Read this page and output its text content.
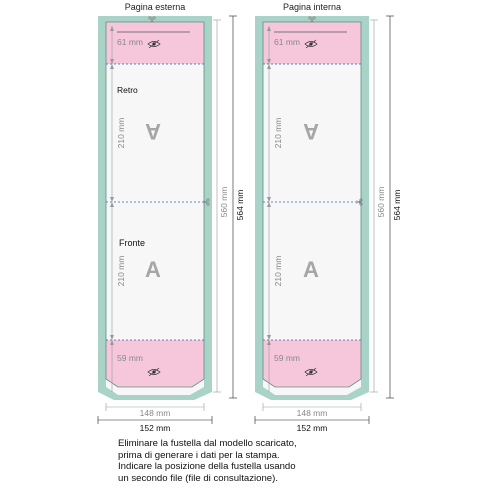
Pagina esterna
61 mm
Retro
210 mm A
Fronte
210 mm A
59 mm
560 mm 564 mm
148 mm
152 mm
Pagina interna
61 mm
210 mm A
210 mm A
59 mm
560 mm 564 mm
148 mm
152 mm
Eliminare la fustella dal modello scaricato,
prima di generare i dati per la stampa.
Indicare la posizione della fustella usando
un secondo file (file di consultazione).
